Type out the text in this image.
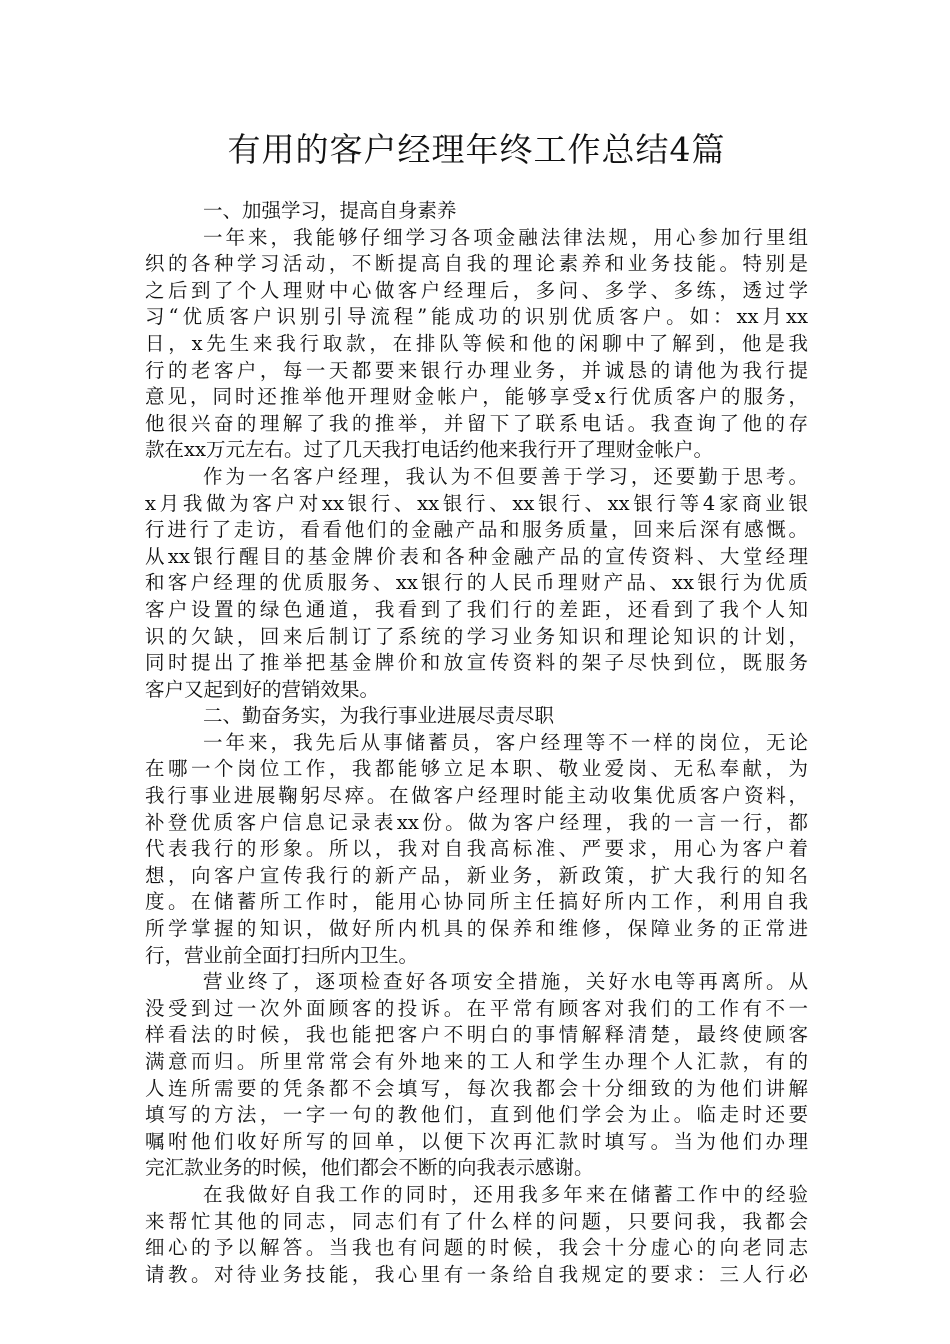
有用的客户经理年终工作总结4篇
一、加强学习，提高自身素养
一年来，我能够仔细学习各项金融法律法规，用心参加行里组
织的各种学习活动，不断提高自我的理论素养和业务技能。特别是
之后到了个人理财中心做客户经理后，多问、多学、多练，透过学
习“优质客户识别引导流程”能成功的识别优质客户。如：xx月xx
日，x先生来我行取款，在排队等候和他的闲聊中了解到，他是我
行的老客户，每一天都要来银行办理业务，并诚恳的请他为我行提
意见，同时还推举他开理财金帐户，能够享受x行优质客户的服务，
他很兴奋的理解了我的推举，并留下了联系电话。我查询了他的存
款在xx万元左右。过了几天我打电话约他来我行开了理财金帐户。
作为一名客户经理，我认为不但要善于学习，还要勤于思考。
x月我做为客户对xx银行、xx银行、xx银行、xx银行等4家商业银
行进行了走访，看看他们的金融产品和服务质量，回来后深有感慨。
从xx银行醒目的基金牌价表和各种金融产品的宣传资料、大堂经理
和客户经理的优质服务、xx银行的人民币理财产品、xx银行为优质
客户设置的绿色通道，我看到了我们行的差距，还看到了我个人知
识的欠缺，回来后制订了系统的学习业务知识和理论知识的计划，
同时提出了推举把基金牌价和放宣传资料的架子尽快到位，既服务
客户又起到好的营销效果。
二、勤奋务实，为我行事业进展尽责尽职
一年来，我先后从事储蓄员，客户经理等不一样的岗位，无论
在哪一个岗位工作，我都能够立足本职、敬业爱岗、无私奉献，为
我行事业进展鞠躬尽瘁。在做客户经理时能主动收集优质客户资料，
补登优质客户信息记录表xx份。做为客户经理，我的一言一行，都
代表我行的形象。所以，我对自我高标准、严要求，用心为客户着
想，向客户宣传我行的新产品，新业务，新政策，扩大我行的知名
度。在储蓄所工作时，能用心协同所主任搞好所内工作，利用自我
所学掌握的知识，做好所内机具的保养和维修，保障业务的正常进
行，营业前全面打扫所内卫生。
营业终了，逐项检查好各项安全措施，关好水电等再离所。从
没受到过一次外面顾客的投诉。在平常有顾客对我们的工作有不一
样看法的时候，我也能把客户不明白的事情解释清楚，最终使顾客
满意而归。所里常常会有外地来的工人和学生办理个人汇款，有的
人连所需要的凭条都不会填写，每次我都会十分细致的为他们讲解
填写的方法，一字一句的教他们，直到他们学会为止。临走时还要
嘱咐他们收好所写的回单，以便下次再汇款时填写。当为他们办理
完汇款业务的时候，他们都会不断的向我表示感谢。
在我做好自我工作的同时，还用我多年来在储蓄工作中的经验
来帮忙其他的同志，同志们有了什么样的问题，只要问我，我都会
细心的予以解答。当我也有问题的时候，我会十分虚心的向老同志
请教。对待业务技能，我心里有一条给自我规定的要求：三人行必
